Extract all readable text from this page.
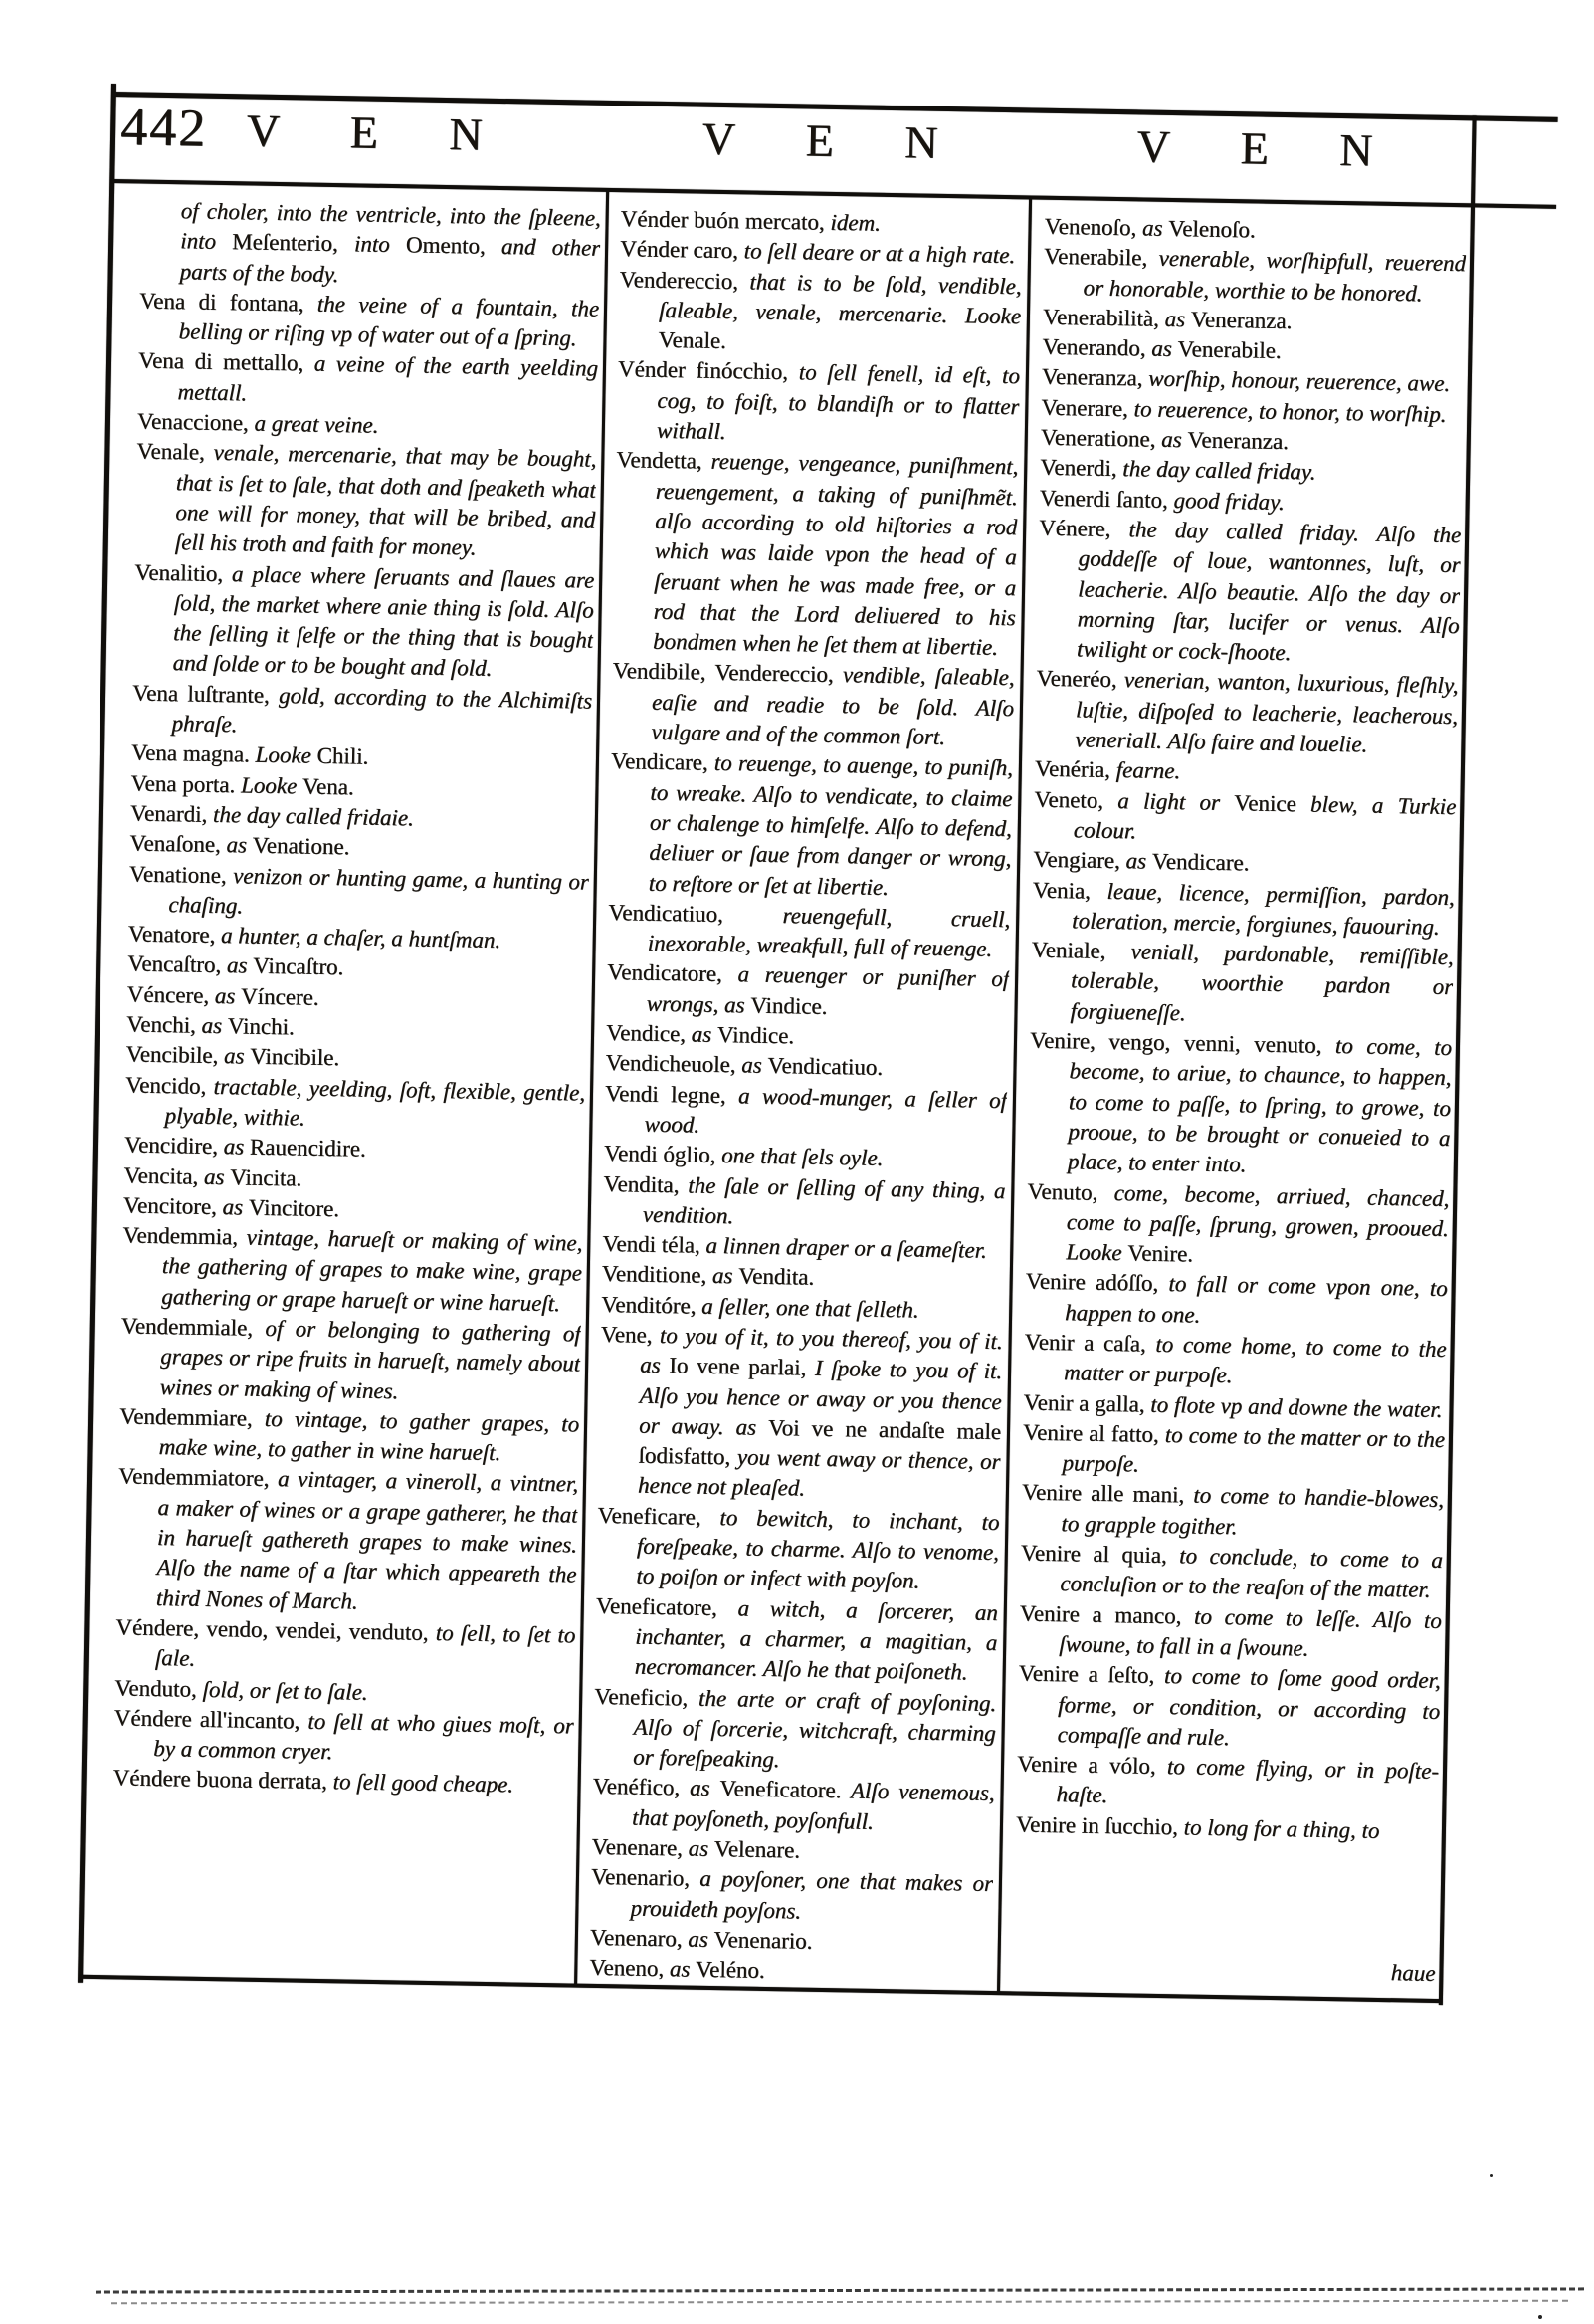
442 V E N	V E N	V E N

of choler, into the ventricle, into the ſpleene, into Meſenterio, into Omento, and other parts of the body.

Vena di fontana, the veine of a fountain, the belling or riſing vp of water out of a ſpring.

Vena di mettallo, a veine of the earth yeelding mettall.

Venaccione, a great veine.

Venale, venale, mercenarie, that may be bought, that is ſet to ſale, that doth and ſpeaketh what one will for money, that will be bribed, and ſell his troth and faith for money.

Venalitio, a place where ſeruants and ſlaues are ſold, the market where anie thing is ſold. Alſo the ſelling it ſelfe or the thing that is bought and ſolde or to be bought and ſold.

Vena luſtrante, gold, according to the Alchimiſts phraſe.

Vena magna. Looke Chili.

Vena porta. Looke Vena.

Venardi, the day called fridaie.

Venaſone, as Venatione.

Venatione, venizon or hunting game, a hunting or chaſing.

Venatore, a hunter, a chaſer, a huntſman.

Vencaſtro, as Vincaſtro.

Véncere, as Víncere.

Venchi, as Vinchi.

Vencibile, as Vincibile.

Vencido, tractable, yeelding, ſoft, flexible, gentle, plyable, withie.

Vencidire, as Rauencidire.

Vencita, as Vincita.

Vencitore, as Vincitore.

Vendemmia, vintage, harueſt or making of wine, the gathering of grapes to make wine, grape gathering or grape harueſt or wine harueſt.

Vendemmiale, of or belonging to gathering of grapes or ripe fruits in harueſt, namely about wines or making of wines.

Vendemmiare, to vintage, to gather grapes, to make wine, to gather in wine harueſt.

Vendemmiatore, a vintager, a vineroll, a vintner, a maker of wines or a grape gatherer, he that in harueſt gathereth grapes to make wines. Alſo the name of a ſtar which appeareth the third Nones of March.

Véndere, vendo, vendei, venduto, to ſell, to ſet to ſale.

Venduto, ſold, or ſet to ſale.

Véndere all'incanto, to ſell at who giues moſt, or by a common cryer.

Véndere buona derrata, to ſell good cheape.

Vénder buón mercato, idem.

Vénder caro, to ſell deare or at a high rate.

Vendereccio, that is to be ſold, vendible, ſaleable, venale, mercenarie. Looke Venale.

Vénder finócchio, to ſell fenell, id eſt, to cog, to foiſt, to blandiſh or to flatter withall.

Vendetta, reuenge, vengeance, puniſhment, reuengement, a taking of puniſhmẽt. alſo according to old hiſtories a rod which was laide vpon the head of a ſeruant when he was made free, or a rod that the Lord deliuered to his bondmen when he ſet them at libertie.

Vendibile, Vendereccio, vendible, ſaleable, eaſie and readie to be ſold. Alſo vulgare and of the common ſort.

Vendicare, to reuenge, to auenge, to puniſh, to wreake. Alſo to vendicate, to claime or chalenge to himſelfe. Alſo to defend, deliuer or ſaue from danger or wrong, to reſtore or ſet at libertie.

Vendicatiuo, reuengefull, cruell, inexorable, wreakfull, full of reuenge.

Vendicatore, a reuenger or puniſher of wrongs, as Vindice.

Vendice, as Vindice.

Vendicheuole, as Vendicatiuo.

Vendi legne, a wood-munger, a ſeller of wood.

Vendi óglio, one that ſels oyle.

Vendita, the ſale or ſelling of any thing, a vendition.

Vendi téla, a linnen draper or a ſeameſter.

Venditione, as Vendita.

Venditóre, a ſeller, one that ſelleth.

Vene, to you of it, to you thereof, you of it. as Io vene parlai, I ſpoke to you of it. Alſo you hence or away or you thence or away. as Voi ve ne andaſte male ſodisfatto, you went away or thence, or hence not pleaſed.

Veneficare, to bewitch, to inchant, to foreſpeake, to charme. Alſo to venome, to poiſon or infect with poyſon.

Veneficatore, a witch, a ſorcerer, an inchanter, a charmer, a magitian, a necromancer. Alſo he that poiſoneth.

Veneficio, the arte or craft of poyſoning. Alſo of ſorcerie, witchcraft, charming or foreſpeaking.

Venéfico, as Veneficatore. Alſo venemous, that poyſoneth, poyſonfull.

Venenare, as Velenare.

Venenario, a poyſoner, one that makes or prouideth poyſons.

Venenaro, as Venenario.

Veneno, as Veléno.

Venenoſo, as Velenoſo.

Venerabile, venerable, worſhipfull, reuerend or honorable, worthie to be honored.

Venerabilità, as Veneranza.

Venerando, as Venerabile.

Veneranza, worſhip, honour, reuerence, awe.

Venerare, to reuerence, to honor, to worſhip.

Veneratione, as Veneranza.

Venerdi, the day called friday.

Venerdi ſanto, good friday.

Vénere, the day called friday. Alſo the goddeſſe of loue, wantonnes, luſt, or leacherie. Alſo beautie. Alſo the day or morning ſtar, lucifer or venus. Alſo twilight or cock-ſhoote.

Veneréo, venerian, wanton, luxurious, fleſhly, luſtie, diſpoſed to leacherie, leacherous, veneriall. Alſo faire and louelie.

Venéria, fearne.

Veneto, a light or Venice blew, a Turkie colour.

Vengiare, as Vendicare.

Venia, leaue, licence, permiſſion, pardon, toleration, mercie, forgiunes, fauouring.

Veniale, veniall, pardonable, remiſſible, tolerable, woorthie pardon or forgiueneſſe.

Venire, vengo, venni, venuto, to come, to become, to ariue, to chaunce, to happen, to come to paſſe, to ſpring, to growe, to prooue, to be brought or conueied to a place, to enter into.

Venuto, come, become, arriued, chanced, come to paſſe, ſprung, growen, prooued. Looke Venire.

Venire adóſſo, to fall or come vpon one, to happen to one.

Venir a caſa, to come home, to come to the matter or purpoſe.

Venir a galla, to flote vp and downe the water.

Venire al fatto, to come to the matter or to the purpoſe.

Venire alle mani, to come to handie-blowes, to grapple togither.

Venire al quia, to conclude, to come to a concluſion or to the reaſon of the matter.

Venire a manco, to come to leſſe. Alſo to ſwoune, to fall in a ſwoune.

Venire a ſeſto, to come to ſome good order, forme, or condition, or according to compaſſe and rule.

Venire a vólo, to come flying, or in poſte-haſte.

Venire in ſucchio, to long for a thing, to

haue
